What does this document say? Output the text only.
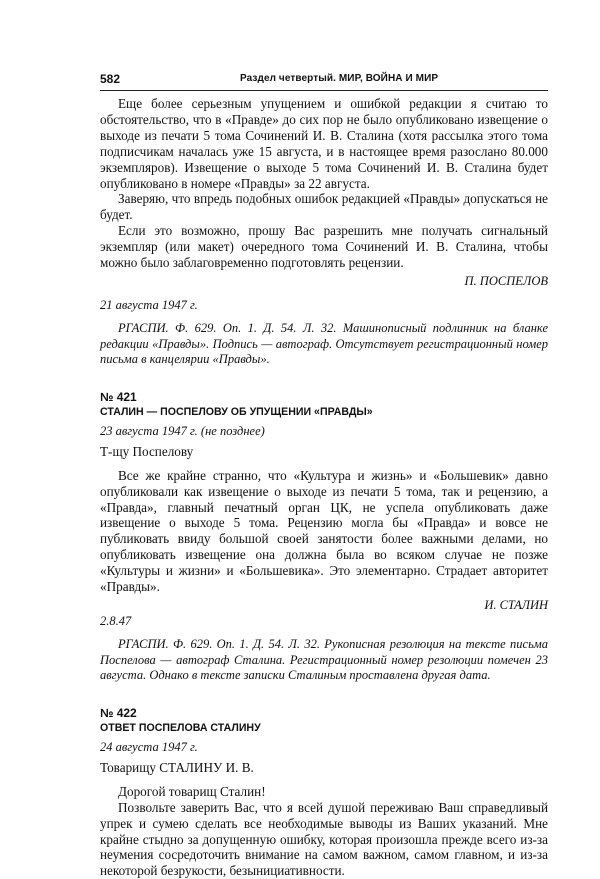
582	Раздел четвертый. МИР, ВОЙНА И МИР

Еще более серьезным упущением и ошибкой редакции я считаю то обстоятельство, что в «Правде» до сих пор не было опубликовано извещение о выходе из печати 5 тома Сочинений И. В. Сталина (хотя рассылка этого тома подписчикам началась уже 15 августа, и в настоящее время разослано 80.000 экземпляров). Извещение о выходе 5 тома Сочинений И. В. Сталина будет опубликовано в номере «Правды» за 22 августа.

Заверяю, что впредь подобных ошибок редакцией «Правды» допускаться не будет.

Если это возможно, прошу Вас разрешить мне получать сигнальный экземпляр (или макет) очередного тома Сочинений И. В. Сталина, чтобы можно было заблаговременно подготовлять рецензии.

П. ПОСПЕЛОВ
21 августа 1947 г.
РГАСПИ. Ф. 629. Оп. 1. Д. 54. Л. 32. Машинописный подлинник на бланке редакции «Правды». Подпись — автограф. Отсутствует регистрационный номер письма в канцелярии «Правды».
№ 421
СТАЛИН — ПОСПЕЛОВУ ОБ УПУЩЕНИИ «ПРАВДЫ»
23 августа 1947 г. (не позднее)
Т-щу Поспелову

Все же крайне странно, что «Культура и жизнь» и «Большевик» давно опубликовали как извещение о выходе из печати 5 тома, так и рецензию, а «Правда», главный печатный орган ЦК, не успела опубликовать даже извещение о выходе 5 тома. Рецензию могла бы «Правда» и вовсе не публиковать ввиду большой своей занятости более важными делами, но опубликовать извещение она должна была во всяком случае не позже «Культуры и жизни» и «Большевика». Это элементарно. Страдает авторитет «Правды».

И. СТАЛИН
2.8.47
РГАСПИ. Ф. 629. Оп. 1. Д. 54. Л. 32. Рукописная резолюция на тексте письма Поспелова — автограф Сталина. Регистрационный номер резолюции помечен 23 августа. Однако в тексте записки Сталиным проставлена другая дата.
№ 422
ОТВЕТ ПОСПЕЛОВА СТАЛИНУ
24 августа 1947 г.
Товарищу СТАЛИНУ И. В.

Дорогой товарищ Сталин!

Позвольте заверить Вас, что я всей душой переживаю Ваш справедливый упрек и сумею сделать все необходимые выводы из Ваших указаний. Мне крайне стыдно за допущенную ошибку, которая произошла прежде всего из-за неумения сосредоточить внимание на самом важном, самом главном, и из-за некоторой безрукости, безынициативности.
